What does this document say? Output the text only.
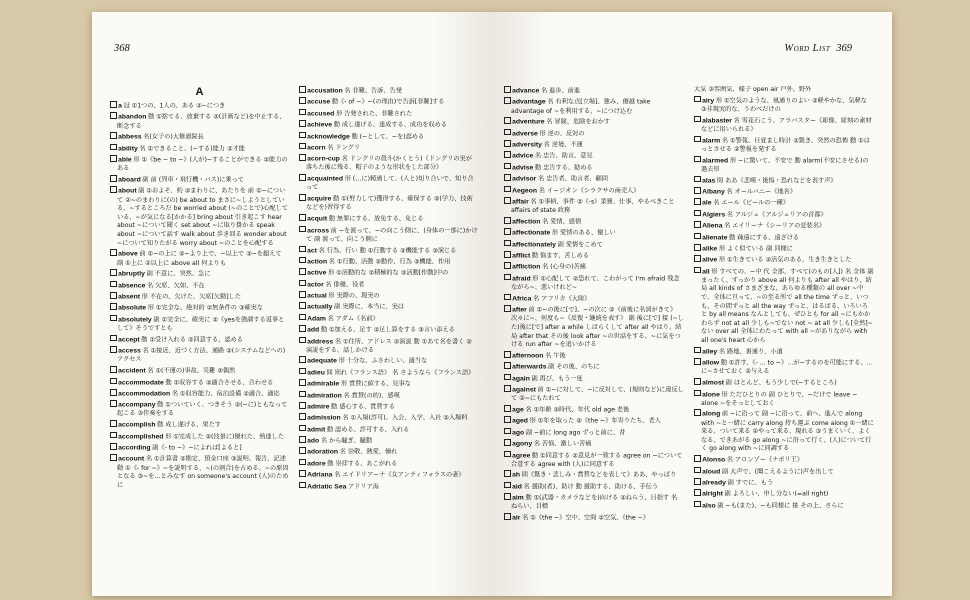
368
A

a 冠 ①1つの、1人の、ある ②~につき

abandon 動 ①捨てる、放棄する ②(計画など)を中止する、断念する

abbess 名(女子の)大修道院長

ability 名 ①できること、(~する)能力 ②才能

able 形 ①《be ~ to ~》(人が)~することができる ②能力のある

aboard 副 前 (列車・飛行機・バス)に乗って

about 副 ①およそ、約 ②まわりに、あたりを 前 ①~について ②~のまわりに(の) be about to まさに~しようとしている、~するところだ be worried about (~のことで)心配している、~が気になる[かかる] bring about 引き起こす hear about ~について聞く set about ~に取り掛かる speak about ~について話す walk about 歩き回る wonder about ~について知りたがる worry about ~のことを心配する

above 前 ①~の上に ②~より上で、~以上で ③~を超えて 副 ①上に ②以上に above all 何よりも

abruptly 副 不意に、突然、急に

absence 名 欠席、欠如、不在

absent 形 不在の、欠けた、欠席[欠勤]した

absolute 形 ①完全な、絶対的 ②無条件の ③確実な

absolutely 副 ①完全に、確実に ②《yesを強調する返事として》そうですとも

accept 動 ①受け入れる ②同意する、認める

access 名 ①接近、近づく方法、通路 ②(システムなどへの)アクセス

accident 名 ①(不運の)事故、災難 ②偶然

accommodate 動 ①収容する ②適合させる、合わせる

accommodation 名 ①収容能力、宿泊設備 ②適合、適応

accompany 動 ①ついていく、つきそう ②(~に)ともなって起こる ③伴奏をする

accomplish 動 成し遂げる、果たす

accomplished 形 ①完成した ②(技量に)優れた、熟達した

according 副《- to ~》~によれば[よると]

account 名 ①計算書 ②勘定、預金口座 ③説明、報告、記述 動 ①《- for ~》~を説明する、~(の割合)を占める、~の原因となる ③~を…とみなす on someone's account (人)のために

accusation 名 非難、告訴、告発

accuse 動《- of ~》~(の理由)で告訴[非難]する

accused 形 告発された、非難された

achieve 動 成し遂げる、達成する、成功を収める

acknowledge 動 (~として、~を)認める

acorn 名 ドングリ

acorn-cup 名 ドングリの殻斗(かくとう)《ドングリの実が落ちた後に残る、帽子のような形状をした部分》

acquainted 形 (…に)精通して、(人と)知り合いで、知り合って

acquire 動 ①(努力して)獲得する、確保する ②(学力、技術などを)習得する

acquit 動 無罪にする、放免する、免じる

across 前 ~を渡って、~の向こう側に、(身体の一部に)かけて 副 渡って、向こう側に

act 名 行為、行い 動 ①行動する ②機能する ③演じる

action 名 ①行動、活動 ②動作、行為 ③機能、作用

active 形 ①活動的な ②積極的な ③活動[作動]中の

actor 名 俳優、役者

actual 形 実際の、現実の

actually 副 実際に、本当に、実は

Adam 名 アダム《名前》

add 動 ①加える、足す ②足し算をする ③言い添える

address 名 ①住所、アドレス ②演説 動 ①あて名を書く ②演説をする、話しかける

adequate 形 十分な、ふさわしい、適当な

adieu 間 別れ《フランス語》 名 さようなら《フランス語》

admirable 形 賞賛に値する、見事な

admiration 名 賞賛(の的)、感嘆

admire 動 感心する、賞賛する

admission 名 ①入場(許可)、入会、入学、入社 ②入場料

admit 動 認める、許可する、入れる

ado 名 から騒ぎ、騒動

adoration 名 崇敬、熱愛、憧れ

adore 動 崇拝する、あこがれる

Adriana 名 エイドリアーナ《女アンティフォラスの妻》

Adriatic Sea アドリア海

Word List 369

advance 名 進歩、前進

advantage 名 有利な点[立場]、強み、優越 take advantage of ~を利用する、~につけ込む

adventure 名 冒険、危険をおかす

adverse 形 逆の、反対の

adversity 名 逆境、不運

advice 名 忠告、助言、意見

advise 動 忠告する、勧める

advisor 名 忠告者、助言者、顧問

Aegeon 名 イージオン《シラクサの商売人》

affair 名 ①事柄、事件 ②《-s》業務、仕事、やるべきこと affairs of state 政務

affection 名 愛情、感情

affectionate 形 愛情のある、優しい

affectionately 副 愛情をこめて

afflict 動 悩ます、苦しめる

affliction 名 (心身の)苦痛

afraid 形 ①心配して ②恐れて、こわがって I'm afraid 残念ながら~、悪いけれど~

Africa 名 アフリカ《大陸》

after 前 ①~の後に[で]、~の次に ②《前後に名詞がきて》次々に~、何度も~《反復・継続を表す》 副 後に[で] 接 (~した)後に[で] after a while しばらくして after all やはり、結局 after that その後 look after ~の世話をする、~に気をつける run after ~を追いかける

afternoon 名 午後

afterwards 副 その後、のちに

again 副 再び、もう一度

against 前 ①~に対して、~に反対して、(規則など)に違反して ②~にもたれて

age 名 ①年齢 ②時代、年代 old age 老後

aged 形 ①年を取った ②《the ~》年寄りたち、老人

ago 副 ~前に long ago ずっと前に、昔

agony 名 苦悩、激しい苦痛

agree 動 ①同意する ②意見が一致する agree on ~について合意する agree with (人)に同意する

ah 間《驚き・悲しみ・賞賛などを表して》ああ、やっぱり

aid 名 援助(者)、助け 動 援助する、助ける、手伝う

aim 動 ①(武器・カメラなどを)向ける ②ねらう、目指す 名 ねらい、目標

air 名 ①《the ~》空中、空間 ②空気、《the ~》

大気 ③雰囲気、様子 open air 戸外、野外

airy 形 ①空気のような、風通りのよい ②軽やかな、気軽な ③非現実的な、うわべだけの

alabaster 名 雪花石こう、アラバスター《彫像、彫刻の素材などに用いられる》

alarm 名 ①警報、目覚まし時計 ②驚き、突然の恐怖 動 ①はっとさせる ②警報を発する

alarmed 形 ~に驚いて、不安で 動 alarm(不安にさせる)の過去形

alas 間 ああ《悲嘆・後悔・恐れなどを表す声》

Albany 名 オールバニー《地名》

ale 名 エール《ビールの一種》

Algiers 名 アルジェ《アルジェリアの首都》

Aliena 名 エイリーナ《シーリアの変装名》

alienate 動 疎遠にする、遠ざける

alike 形 よく似ている 副 同様に

alive 形 ①生きている ②活気のある、生き生きとした

all 形 すべての、~中 代 全部、すべて(のもの[人]) 名 全体 副 まったく、すっかり above all 何よりも after all やはり、結局 all kinds of さまざまな、あらゆる種類の all over ~中で、全体に亘って、~の至る所で all the time ずっと、いつも、その間ずっと all the way ずっと、はるばる、いろいろと by all means なんとしても、ぜひとも for all ~にもかかわらず not at all 少しも~でない not ~ at all 少しも[全然]~ない over all 全体にわたって with all ~がありながら with all one's heart 心から

alley 名 路地、裏通り、小道

allow 動 ①許す、《- ... to ~》…が~するのを可能にする、…に~させておく ②与える

almost 副 ほとんど、もう少しで(~するところ)

alone 形 ただひとりの 副 ひとりで、~だけで leave ~ alone ~をそっとしておく

along 前 ~に沿って 副 ~に沿って、前へ、進んで along with ~と一緒に carry along 持ち運ぶ come along ①一緒に来る、ついて来る ②やって来る、現れる ③うまくいく、よくなる、できあがる go along ~に沿って行く、(人)について行く go along with ~に同調する

Alonso 名 アロンゾー《ナポリ王》

aloud 副 大声で、(聞こえるように)声を出して

already 副 すでに、もう

alright 副 よろしい、申し分ない(=all right)

also 副 ~も(また)、~も同様に 接 その上、さらに
